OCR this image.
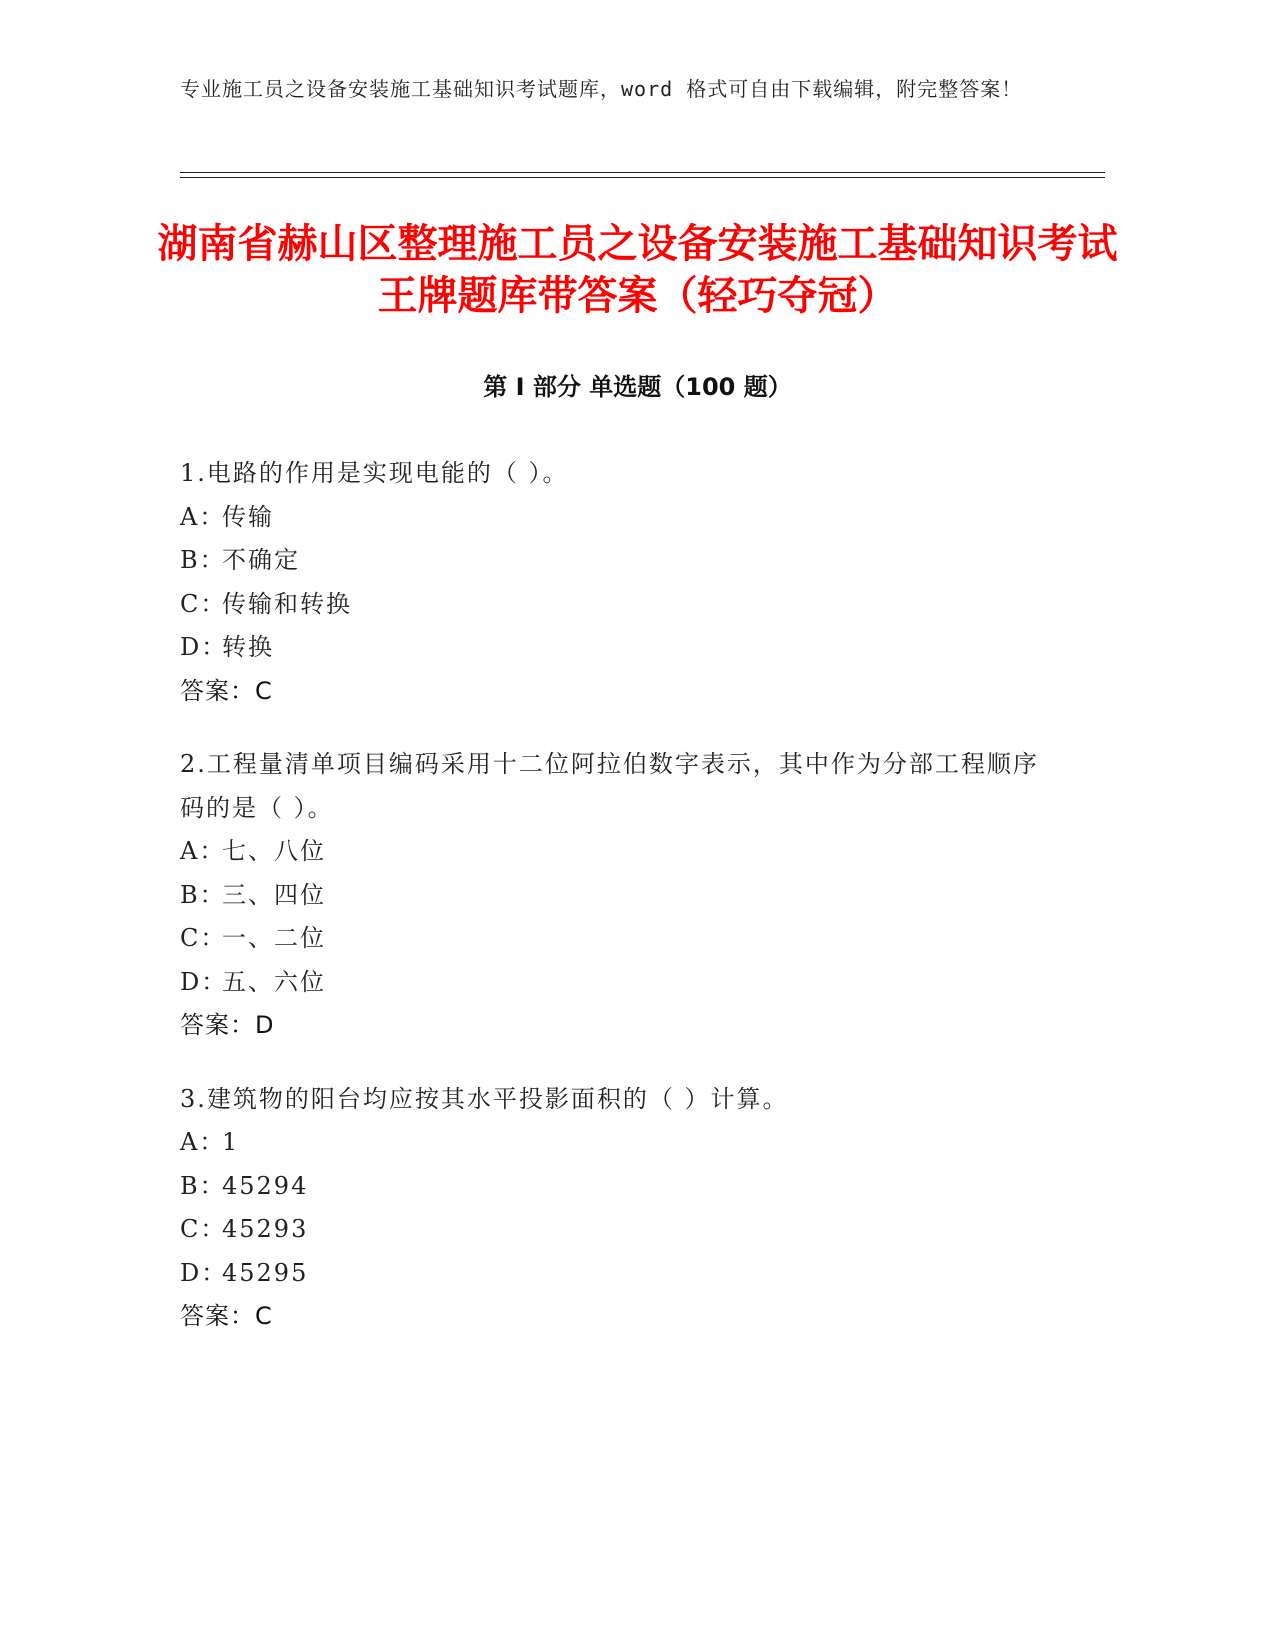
专业施工员之设备安装施工基础知识考试题库，word 格式可自由下载编辑，附完整答案！
湖南省赫山区整理施工员之设备安装施工基础知识考试王牌题库带答案（轻巧夺冠）
第 I 部分 单选题（100 题）

1.电路的作用是实现电能的（ ）。

A：传输

B：不确定

C：传输和转换

D：转换

答案：C

2.工程量清单项目编码采用十二位阿拉伯数字表示，其中作为分部工程顺序码的是（ ）。

A：七、八位

B：三、四位

C：一、二位

D：五、六位

答案：D

3.建筑物的阳台均应按其水平投影面积的（ ）计算。

A：1

B：45294

C：45293

D：45295

答案：C
